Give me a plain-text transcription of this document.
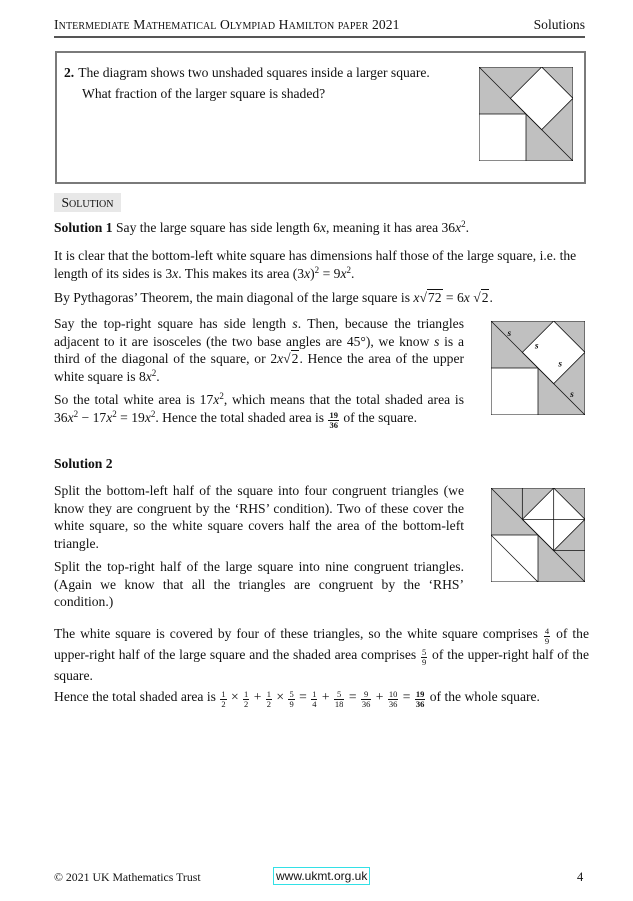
Intermediate Mathematical Olympiad Hamilton paper 2021	Solutions
2. The diagram shows two unshaded squares inside a larger square.
What fraction of the larger square is shaded?
Solution
Solution 1 Say the large square has side length 6x, meaning it has area $36x^2$.
It is clear that the bottom-left white square has dimensions half those of the large square, i.e. the length of its sides is 3x. This makes its area $(3x)^2 = 9x^2$.
By Pythagoras’ Theorem, the main diagonal of the large square is x√72 = 6x √2.
Say the top-right square has side length s. Then, because the triangles adjacent to it are isosceles (the two base angles are 45°), we know s is a third of the diagonal of the square, or 2x√2. Hence the area of the upper white square is $8x^2$.
So the total white area is $17x^2$, which means that the total shaded area is $36x^2 - 17x^2 = 19x^2$. Hence the total shaded area is $\frac{19}{36}$ of the square.
Solution 2
Split the bottom-left half of the square into four congruent triangles (we know they are congruent by the ‘RHS’ condition). Two of these cover the white square, so the white square covers half the area of the bottom-left triangle.
Split the top-right half of the large square into nine congruent triangles. (Again we know that all the triangles are congruent by the ‘RHS’ condition.)
The white square is covered by four of these triangles, so the white square comprises $\frac{4}{9}$ of the upper-right half of the large square and the shaded area comprises $\frac{5}{9}$ of the upper-right half of the square.
Hence the total shaded area is $\frac{1}{2} \times \frac{1}{2} + \frac{1}{2} \times \frac{5}{9} = \frac{1}{4} + \frac{5}{18} = \frac{9}{36} + \frac{10}{36} = \frac{19}{36}$ of the whole square.
© 2021 UK Mathematics Trust	www.ukmt.org.uk	4
